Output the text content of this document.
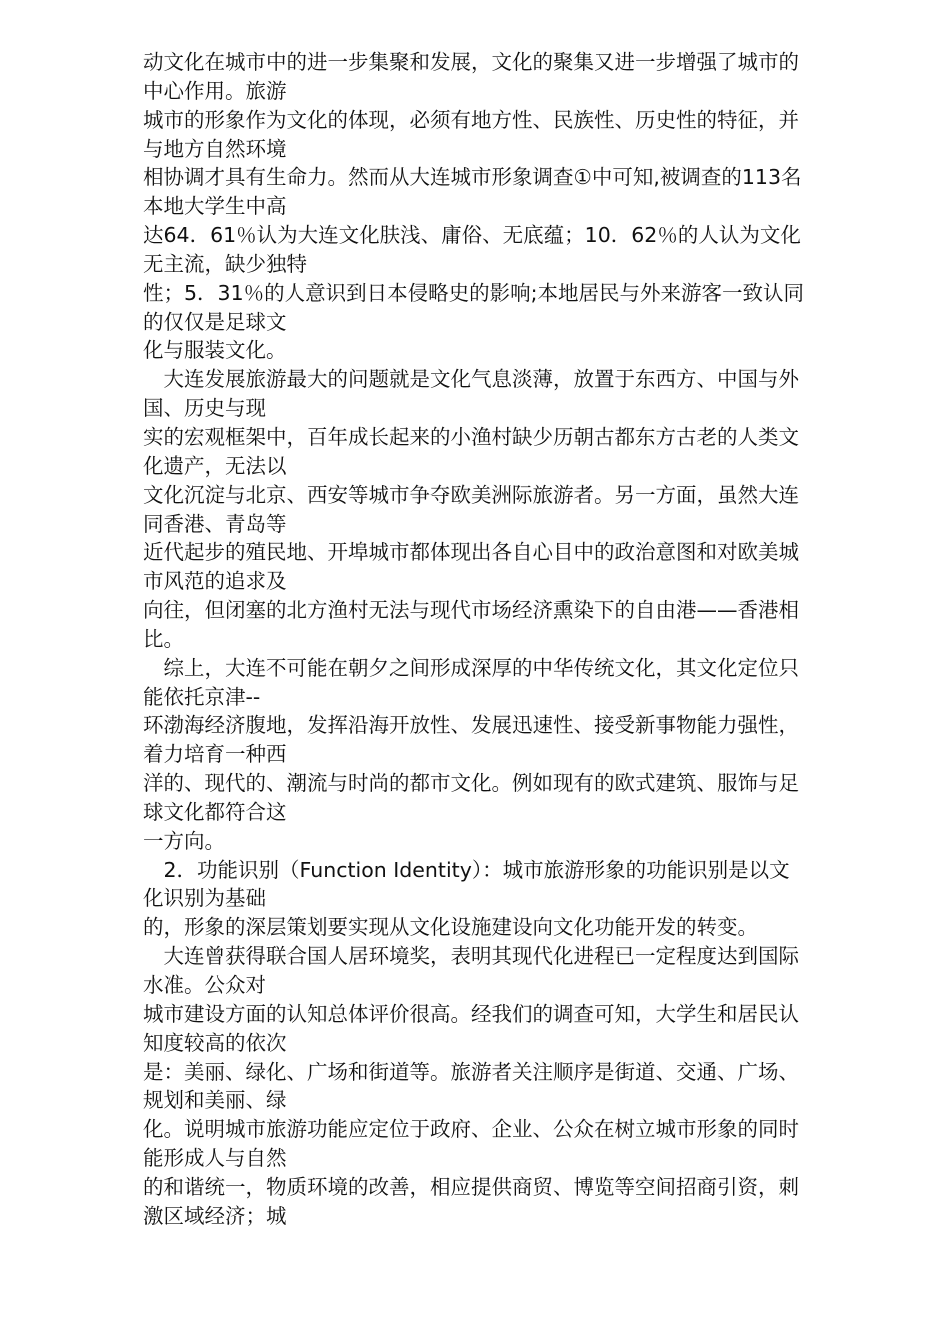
动文化在城市中的进一步集聚和发展，文化的聚集又进一步增强了城市的

中心作用。旅游

城市的形象作为文化的体现，必须有地方性、民族性、历史性的特征，并

与地方自然环境

相协调才具有生命力。然而从大连城市形象调查①中可知,被调查的113名

本地大学生中高

达64．61％认为大连文化肤浅、庸俗、无底蕴；10．62％的人认为文化

无主流，缺少独特

性；5．31％的人意识到日本侵略史的影响;本地居民与外来游客一致认同

的仅仅是足球文

化与服装文化。

　大连发展旅游最大的问题就是文化气息淡薄，放置于东西方、中国与外

国、历史与现

实的宏观框架中，百年成长起来的小渔村缺少历朝古都东方古老的人类文

化遗产，无法以

文化沉淀与北京、西安等城市争夺欧美洲际旅游者。另一方面，虽然大连

同香港、青岛等

近代起步的殖民地、开埠城市都体现出各自心目中的政治意图和对欧美城

市风范的追求及

向往，但闭塞的北方渔村无法与现代市场经济熏染下的自由港——香港相

比。

　综上，大连不可能在朝夕之间形成深厚的中华传统文化，其文化定位只

能依托京津--

环渤海经济腹地，发挥沿海开放性、发展迅速性、接受新事物能力强性，

着力培育一种西

洋的、现代的、潮流与时尚的都市文化。例如现有的欧式建筑、服饰与足

球文化都符合这

一方向。

　2．功能识别（Function Identity）：城市旅游形象的功能识别是以文

化识别为基础

的，形象的深层策划要实现从文化设施建设向文化功能开发的转变。

　大连曾获得联合国人居环境奖，表明其现代化进程已一定程度达到国际

水准。公众对

城市建设方面的认知总体评价很高。经我们的调查可知，大学生和居民认

知度较高的依次

是：美丽、绿化、广场和街道等。旅游者关注顺序是街道、交通、广场、

规划和美丽、绿

化。说明城市旅游功能应定位于政府、企业、公众在树立城市形象的同时

能形成人与自然

的和谐统一，物质环境的改善，相应提供商贸、博览等空间招商引资，刺

激区域经济；城
